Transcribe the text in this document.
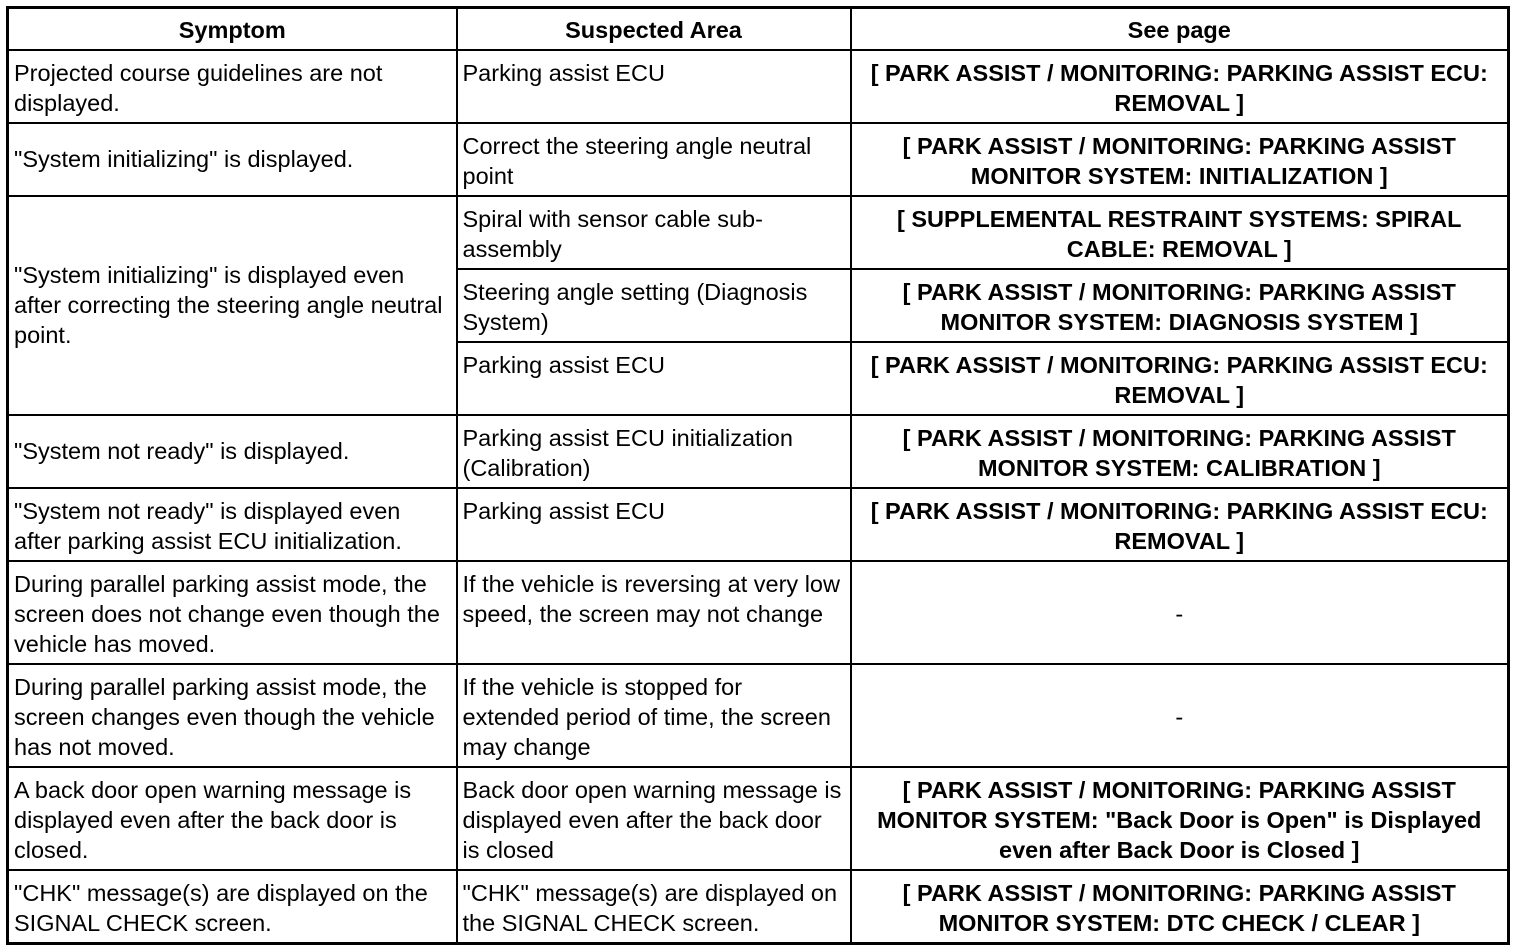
Symptom	Suspected Area	See page
Projected course guidelines are not displayed.	Parking assist ECU	[ PARK ASSIST / MONITORING: PARKING ASSIST ECU: REMOVAL ]
"System initializing" is displayed.	Correct the steering angle neutral point	[ PARK ASSIST / MONITORING: PARKING ASSIST MONITOR SYSTEM: INITIALIZATION ]
"System initializing" is displayed even after correcting the steering angle neutral point.	Spiral with sensor cable sub-assembly	[ SUPPLEMENTAL RESTRAINT SYSTEMS: SPIRAL CABLE: REMOVAL ]
	Steering angle setting (Diagnosis System)	[ PARK ASSIST / MONITORING: PARKING ASSIST MONITOR SYSTEM: DIAGNOSIS SYSTEM ]
	Parking assist ECU	[ PARK ASSIST / MONITORING: PARKING ASSIST ECU: REMOVAL ]
"System not ready" is displayed.	Parking assist ECU initialization (Calibration)	[ PARK ASSIST / MONITORING: PARKING ASSIST MONITOR SYSTEM: CALIBRATION ]
"System not ready" is displayed even after parking assist ECU initialization.	Parking assist ECU	[ PARK ASSIST / MONITORING: PARKING ASSIST ECU: REMOVAL ]
During parallel parking assist mode, the screen does not change even though the vehicle has moved.	If the vehicle is reversing at very low speed, the screen may not change	-
During parallel parking assist mode, the screen changes even though the vehicle has not moved.	If the vehicle is stopped for extended period of time, the screen may change	-
A back door open warning message is displayed even after the back door is closed.	Back door open warning message is displayed even after the back door is closed	[ PARK ASSIST / MONITORING: PARKING ASSIST MONITOR SYSTEM: "Back Door is Open" is Displayed even after Back Door is Closed ]
"CHK" message(s) are displayed on the SIGNAL CHECK screen.	"CHK" message(s) are displayed on the SIGNAL CHECK screen.	[ PARK ASSIST / MONITORING: PARKING ASSIST MONITOR SYSTEM: DTC CHECK / CLEAR ]
